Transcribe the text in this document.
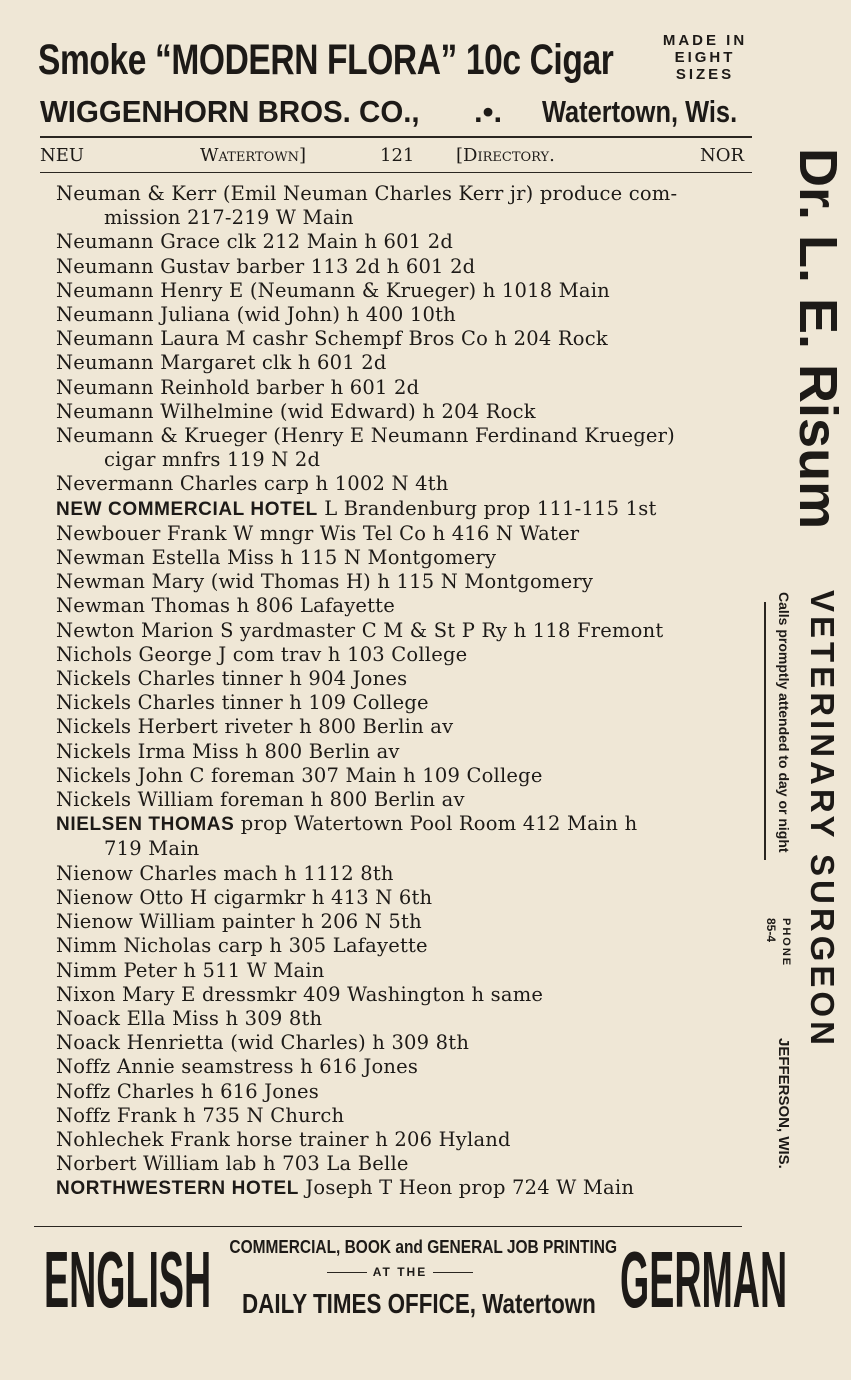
Smoke “MODERN FLORA” 10c Cigar	MADE IN
EIGHT
SIZES
WIGGENHORN BROS. CO., .•. Watertown, Wis.
NEU	Watertown]	121 [Directory.	NOR
Neuman & Kerr (Emil Neuman Charles Kerr jr) produce com-
mission 217-219 W Main
Neumann Grace clk 212 Main h 601 2d
Neumann Gustav barber 113 2d h 601 2d
Neumann Henry E (Neumann & Krueger) h 1018 Main
Neumann Juliana (wid John) h 400 10th
Neumann Laura M cashr Schempf Bros Co h 204 Rock
Neumann Margaret clk h 601 2d
Neumann Reinhold barber h 601 2d
Neumann Wilhelmine (wid Edward) h 204 Rock
Neumann & Krueger (Henry E Neumann Ferdinand Krueger)
cigar mnfrs 119 N 2d
Nevermann Charles carp h 1002 N 4th
NEW COMMERCIAL HOTEL L Brandenburg prop 111-115 1st
Newbouer Frank W mngr Wis Tel Co h 416 N Water
Newman Estella Miss h 115 N Montgomery
Newman Mary (wid Thomas H) h 115 N Montgomery
Newman Thomas h 806 Lafayette
Newton Marion S yardmaster C M & St P Ry h 118 Fremont
Nichols George J com trav h 103 College
Nickels Charles tinner h 904 Jones
Nickels Charles tinner h 109 College
Nickels Herbert riveter h 800 Berlin av
Nickels Irma Miss h 800 Berlin av
Nickels John C foreman 307 Main h 109 College
Nickels William foreman h 800 Berlin av
NIELSEN THOMAS prop Watertown Pool Room 412 Main h
719 Main
Nienow Charles mach h 1112 8th
Nienow Otto H cigarmkr h 413 N 6th
Nienow William painter h 206 N 5th
Nimm Nicholas carp h 305 Lafayette
Nimm Peter h 511 W Main
Nixon Mary E dressmkr 409 Washington h same
Noack Ella Miss h 309 8th
Noack Henrietta (wid Charles) h 309 8th
Noffz Annie seamstress h 616 Jones
Noffz Charles h 616 Jones
Noffz Frank h 735 N Church
Nohlechek Frank horse trainer h 206 Hyland
Norbert William lab h 703 La Belle
NORTHWESTERN HOTEL Joseph T Heon prop 724 W Main
Dr. L. E. Risum
VETERINARY SURGEON
Calls promptly attended to day or night
PHONE
85-4
JEFFERSON, WIS.
ENGLISH COMMERCIAL, BOOK and GENERAL JOB PRINTING
AT THE
DAILY TIMES OFFICE, Watertown GERMAN
